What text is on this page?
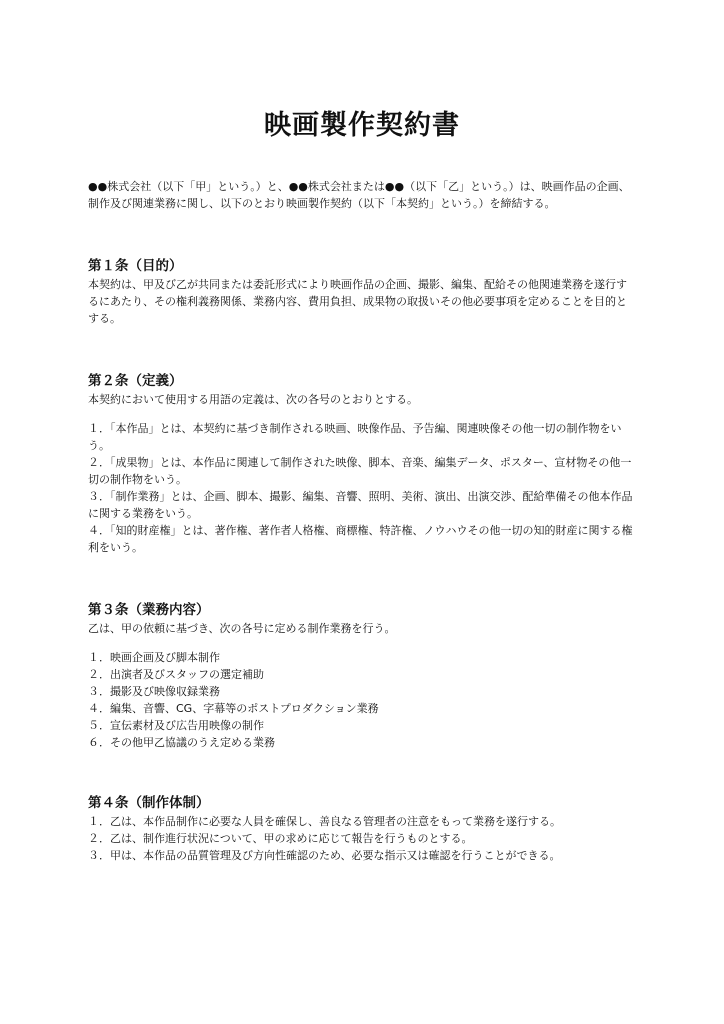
映画製作契約書

●●株式会社（以下「甲」という。）と、●●株式会社または●●（以下「乙」という。）は、映画作品の企画、制作及び関連業務に関し、以下のとおり映画製作契約（以下「本契約」という。）を締結する。

第１条（目的）

本契約は、甲及び乙が共同または委託形式により映画作品の企画、撮影、編集、配給その他関連業務を遂行するにあたり、その権利義務関係、業務内容、費用負担、成果物の取扱いその他必要事項を定めることを目的とする。

第２条（定義）

本契約において使用する用語の定義は、次の各号のとおりとする。

１．「本作品」とは、本契約に基づき制作される映画、映像作品、予告編、関連映像その他一切の制作物をいう。
２．「成果物」とは、本作品に関連して制作された映像、脚本、音楽、編集データ、ポスター、宣材物その他一切の制作物をいう。
３．「制作業務」とは、企画、脚本、撮影、編集、音響、照明、美術、演出、出演交渉、配給準備その他本作品に関する業務をいう。
４．「知的財産権」とは、著作権、著作者人格権、商標権、特許権、ノウハウその他一切の知的財産に関する権利をいう。
第３条（業務内容）

乙は、甲の依頼に基づき、次の各号に定める制作業務を行う。

１．映画企画及び脚本制作
２．出演者及びスタッフの選定補助
３．撮影及び映像収録業務
４．編集、音響、CG、字幕等のポストプロダクション業務
５．宣伝素材及び広告用映像の制作
６．その他甲乙協議のうえ定める業務
第４条（制作体制）
１．乙は、本作品制作に必要な人員を確保し、善良なる管理者の注意をもって業務を遂行する。
２．乙は、制作進行状況について、甲の求めに応じて報告を行うものとする。
３．甲は、本作品の品質管理及び方向性確認のため、必要な指示又は確認を行うことができる。
